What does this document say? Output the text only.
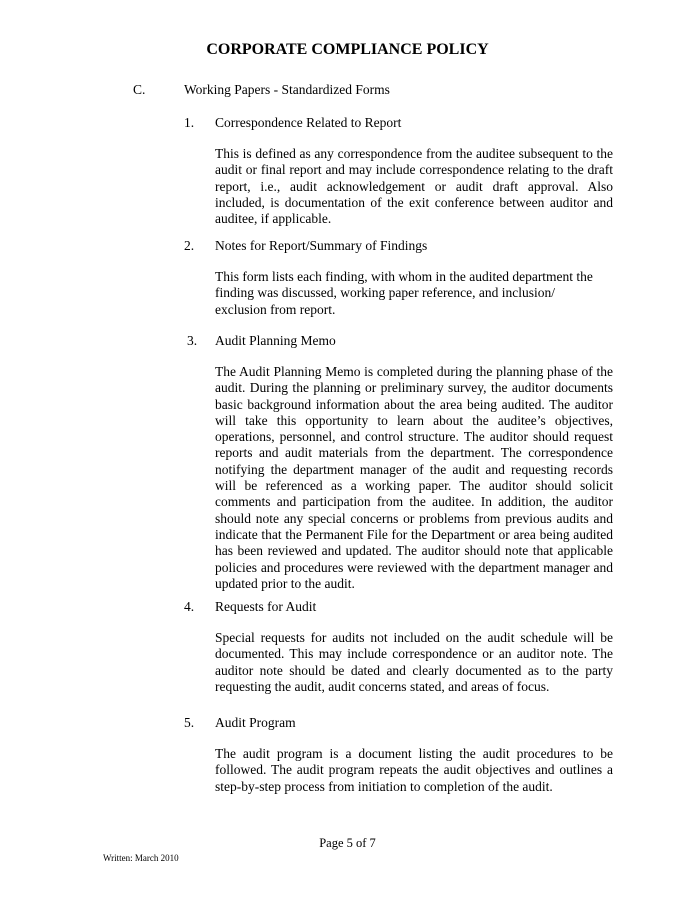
CORPORATE COMPLIANCE POLICY
C.	Working Papers - Standardized Forms
1. Correspondence Related to Report
This is defined as any correspondence from the auditee subsequent to the
audit or final report and may include correspondence relating to the draft
report, i.e., audit acknowledgement or audit draft approval. Also
included, is documentation of the exit conference between auditor and
auditee, if applicable.
2. Notes for Report/Summary of Findings
This form lists each finding, with whom in the audited department the
finding was discussed, working paper reference, and inclusion/
exclusion from report.
3. Audit Planning Memo
The Audit Planning Memo is completed during the planning phase of the
audit. During the planning or preliminary survey, the auditor documents
basic background information about the area being audited. The auditor
will take this opportunity to learn about the auditee’s objectives,
operations, personnel, and control structure. The auditor should request
reports and audit materials from the department. The correspondence
notifying the department manager of the audit and requesting records
will be referenced as a working paper. The auditor should solicit
comments and participation from the auditee. In addition, the auditor
should note any special concerns or problems from previous audits and
indicate that the Permanent File for the Department or area being audited
has been reviewed and updated. The auditor should note that applicable
policies and procedures were reviewed with the department manager and
updated prior to the audit.
4. Requests for Audit
Special requests for audits not included on the audit schedule will be
documented. This may include correspondence or an auditor note. The
auditor note should be dated and clearly documented as to the party
requesting the audit, audit concerns stated, and areas of focus.
5. Audit Program
The audit program is a document listing the audit procedures to be
followed. The audit program repeats the audit objectives and outlines a
step-by-step process from initiation to completion of the audit.
Page 5 of 7
Written: March 2010
